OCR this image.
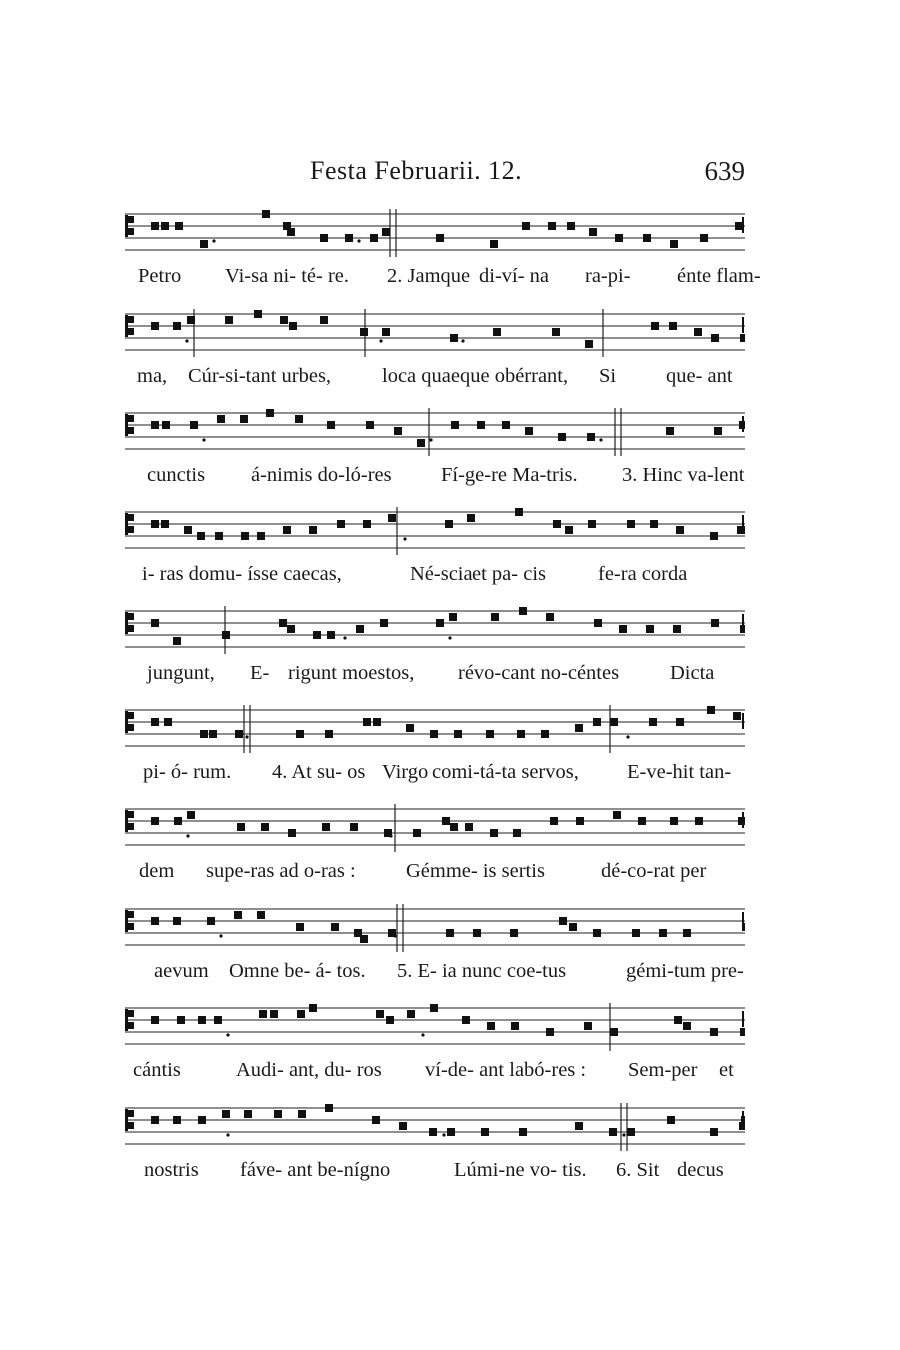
Festa Februarii. 12.	639
Petro Vi-sa ni- té- re. 2. Jamque di-ví- na ra-pi- énte flam-
ma, Cúr-si-tant urbes, loca quaeque obérrant, Si que- ant
cunctis á-nimis do-ló-res Fí-ge-re Ma-tris. 3. Hinc va-lent
i- ras domu- ísse caecas,	Né-scia et pa- cis	fe-ra corda
jungunt, E- rigunt moestos, révo-cant no-céntes Dicta
pi- ó- rum. 4. At su- os Virgo comi-tá-ta servos, E-ve-hit tan-
dem supe-ras ad o-ras : Gémme- is sertis	dé-co-rat per
aevum Omne be- á- tos. 5. E- ia nunc coe-tus	gémi-tum pre-
cántis	Audi- ant, du- ros ví-de- ant labó-res : Sem-per et
nostris fáve- ant be-nígno	Lúmi-ne vo- tis. 6. Sit decus
